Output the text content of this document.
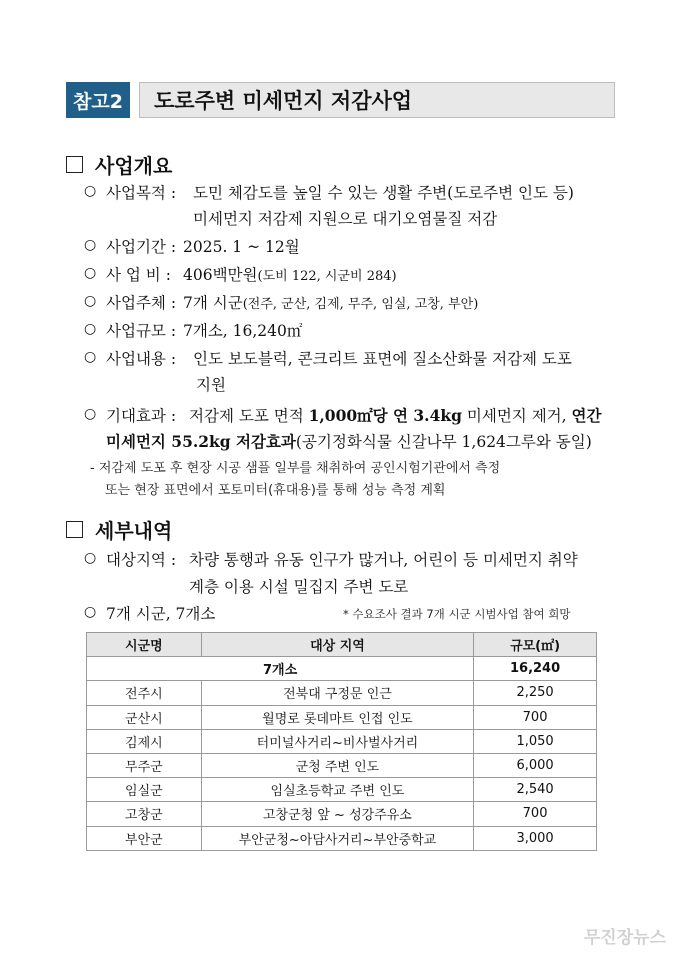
참고2	도로주변 미세먼지 저감사업
사업개요
○ 사업목적 : 도민 체감도를 높일 수 있는 생활 주변(도로주변 인도 등)
미세먼지 저감제 지원으로 대기오염물질 저감
○ 사업기간 : 2025. 1 ~ 12월
○ 사 업 비 : 406백만원(도비 122, 시군비 284)
○ 사업주체 : 7개 시군(전주, 군산, 김제, 무주, 임실, 고창, 부안)
○ 사업규모 : 7개소, 16,240㎡
○ 사업내용 : 인도 보도블럭, 콘크리트 표면에 질소산화물 저감제 도포
지원
○ 기대효과 : 저감제 도포 면적 1,000㎡당 연 3.4kg 미세먼지 제거, 연간
미세먼지 55.2kg 저감효과(공기정화식물 신갈나무 1,624그루와 동일)
- 저감제 도포 후 현장 시공 샘플 일부를 채취하여 공인시험기관에서 측정
또는 현장 표면에서 포토미터(휴대용)를 통해 성능 측정 계획
세부내역
○ 대상지역 : 차량 통행과 유동 인구가 많거나, 어린이 등 미세먼지 취약
계층 이용 시설 밀집지 주변 도로
○ 7개 시군, 7개소	* 수요조사 결과 7개 시군 시범사업 참여 희망
시군명	대상 지역	규모(㎡)
7개소		16,240
전주시	전북대 구정문 인근	2,250
군산시	월명로 롯데마트 인접 인도	700
김제시	터미널사거리~비사벌사거리	1,050
무주군	군청 주변 인도	6,000
임실군	임실초등학교 주변 인도	2,540
고창군	고창군청 앞 ~ 성강주유소	700
부안군	부안군청~아담사거리~부안중학교	3,000
무진장뉴스
